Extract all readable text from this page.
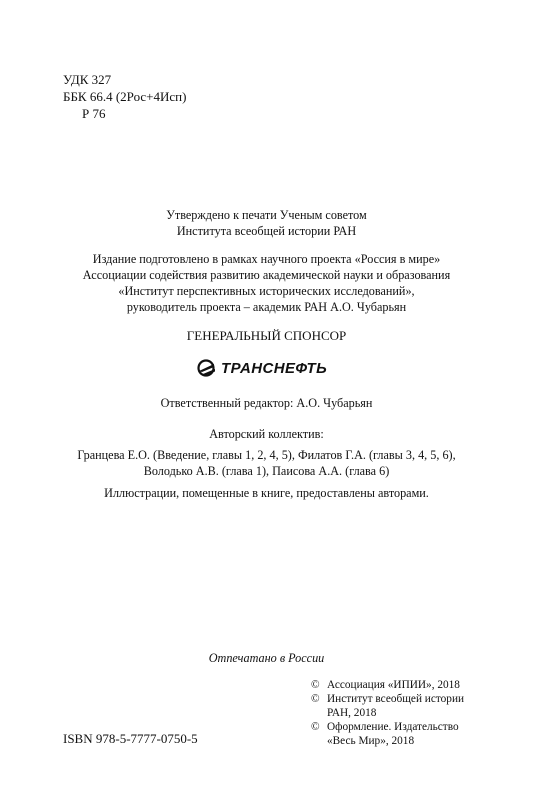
УДК 327
ББК 66.4 (2Рос+4Исп)
Р 76
Утверждено к печати Ученым советом
Института всеобщей истории РАН
Издание подготовлено в рамках научного проекта «Россия в мире»
Ассоциации содействия развитию академической науки и образования
«Институт перспективных исторических исследований»,
руководитель проекта – академик РАН А.О. Чубарьян
ГЕНЕРАЛЬНЫЙ СПОНСОР
ТРАНСНЕФТЬ
Ответственный редактор: А.О. Чубарьян
Авторский коллектив:
Гранцева Е.О. (Введение, главы 1, 2, 4, 5), Филатов Г.А. (главы 3, 4, 5, 6),
Володько А.В. (глава 1), Паисова А.А. (глава 6)
Иллюстрации, помещенные в книге, предоставлены авторами.
Отпечатано в России
ISBN 978-5-7777-0750-5
© Ассоциация «ИПИИ», 2018
© Институт всеобщей истории
РАН, 2018
© Оформление. Издательство
«Весь Мир», 2018
